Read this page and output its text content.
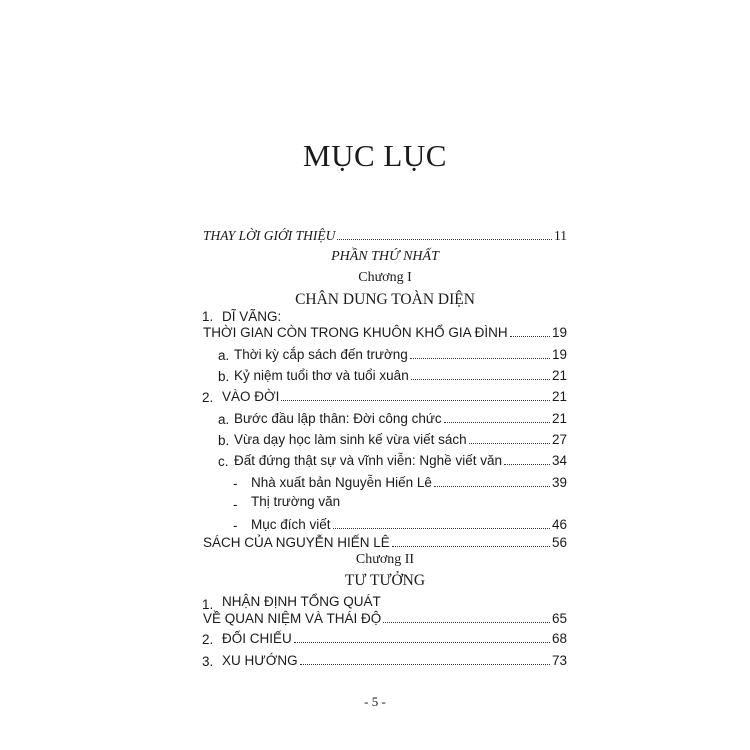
MỤC LỤC
THAY LỜI GIỚI THIỆU	11
PHẦN THỨ NHẤT
Chương I
CHÂN DUNG TOÀN DIỆN
1. DĨ VÃNG:
THỜI GIAN CÒN TRONG KHUÔN KHỔ GIA ĐÌNH	19
a. Thời kỳ cắp sách đến trường	19
b. Kỷ niệm tuổi thơ và tuổi xuân	21
2. VÀO ĐỜI	21
a. Bước đầu lập thân: Đời công chức	21
b. Vừa dạy học làm sinh kế vừa viết sách	27
c. Đất đứng thật sự và vĩnh viễn: Nghề viết văn	34
- Nhà xuất bản Nguyễn Hiến Lê	39
- Thị trường văn
- Mục đích viết	46
SÁCH CỦA NGUYỄN HIẾN LÊ	56
Chương II
TƯ TƯỞNG
1. NHẬN ĐỊNH TỔNG QUÁT
VỀ QUAN NIỆM VÀ THÁI ĐỘ	65
2. ĐỐI CHIẾU	68
3. XU HƯỚNG	73
- 5 -
